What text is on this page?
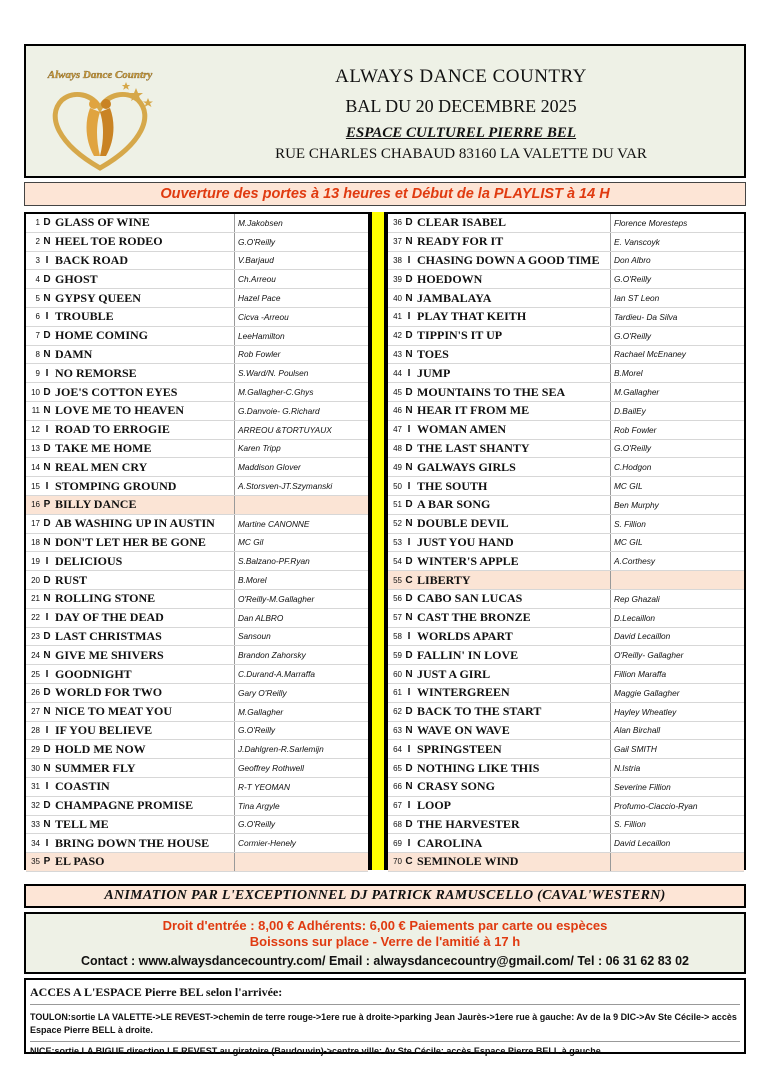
Always Dance Country	ALWAYS DANCE COUNTRY
BAL DU 20 DECEMBRE 2025
ESPACE CULTUREL PIERRE BEL
RUE CHARLES CHABAUD 83160 LA VALETTE DU VAR
Ouverture des portes à 13 heures et Début de la PLAYLIST à 14 H
1 D GLASS OF WINE	M.Jakobsen
2 N HEEL TOE RODEO	G.O'Reilly
3 I BACK ROAD	V.Barjaud
4 D GHOST	Ch.Arreou
5 N GYPSY QUEEN	Hazel Pace
6 I TROUBLE	Cicva -Arreou
7 D HOME COMING	LeeHamilton
8 N DAMN	Rob Fowler
9 I NO REMORSE	S.Ward/N. Poulsen
10 D JOE'S COTTON EYES	M.Gallagher-C.Ghys
11 N LOVE ME TO HEAVEN	G.Danvoie- G.Richard
12 I ROAD TO ERROGIE	ARREOU &TORTUYAUX
13 D TAKE ME HOME	Karen Tripp
14 N REAL MEN CRY	Maddison Glover
15 I STOMPING GROUND	A.Storsven-JT.Szymanski
16 P BILLY DANCE
17 D AB WASHING UP IN AUSTIN	Martine CANONNE
18 N DON'T LET HER BE GONE	MC Gil
19 I DELICIOUS	S.Balzano-PF.Ryan
20 D RUST	B.Morel
21 N ROLLING STONE	O'Reilly-M.Gallagher
22 I DAY OF THE DEAD	Dan ALBRO
23 D LAST CHRISTMAS	Sansoun
24 N GIVE ME SHIVERS	Brandon Zahorsky
25 I GOODNIGHT	C.Durand-A.Marraffa
26 D WORLD FOR TWO	Gary O'Reilly
27 N NICE TO MEAT YOU	M.Gallagher
28 I IF YOU BELIEVE	G.O'Reilly
29 D HOLD ME NOW	J.Dahlgren-R.Sarlemijn
30 N SUMMER FLY	Geoffrey Rothwell
31 I COASTIN	R-T YEOMAN
32 D CHAMPAGNE PROMISE	Tina Argyle
33 N TELL ME	G.O'Reilly
34 I BRING DOWN THE HOUSE	Cormier-Henely
35 P EL PASO
36 D CLEAR ISABEL	Florence Moresteps
37 N READY FOR IT	E. Vanscoyk
38 I CHASING DOWN A GOOD TIME	Don Albro
39 D HOEDOWN	G.O'Reilly
40 N JAMBALAYA	Ian ST Leon
41 I PLAY THAT KEITH	Tardieu- Da Silva
42 D TIPPIN'S IT UP	G.O'Reilly
43 N TOES	Rachael McEnaney
44 I JUMP	B.Morel
45 D MOUNTAINS TO THE SEA	M.Gallagher
46 N HEAR IT FROM ME	D.BailEy
47 I WOMAN AMEN	Rob Fowler
48 D THE LAST SHANTY	G.O'Reilly
49 N GALWAYS GIRLS	C.Hodgon
50 I THE SOUTH	MC GIL
51 D A BAR SONG	Ben Murphy
52 N DOUBLE DEVIL	S. Fillion
53 I JUST YOU HAND	MC GIL
54 D WINTER'S APPLE	A.Corthesy
55 C LIBERTY
56 D CABO SAN LUCAS	Rep Ghazali
57 N CAST THE BRONZE	D.Lecaillon
58 I WORLDS APART	David Lecaillon
59 D FALLIN' IN LOVE	O'Reilly- Gallagher
60 N JUST A GIRL	Fillion Maraffa
61 I WINTERGREEN	Maggie Gallagher
62 D BACK TO THE START	Hayley Wheatley
63 N WAVE ON WAVE	Alan Birchall
64 I SPRINGSTEEN	Gail SMITH
65 D NOTHING LIKE THIS	N.Istria
66 N CRASY SONG	Severine Fillion
67 I LOOP	Profumo-Ciaccio-Ryan
68 D THE HARVESTER	S. Fillion
69 I CAROLINA	David Lecaillon
70 C SEMINOLE WIND
ANIMATION PAR L'EXCEPTIONNEL DJ PATRICK RAMUSCELLO (CAVAL'WESTERN)
Droit d'entrée : 8,00 € Adhérents: 6,00 € Paiements par carte ou espèces
Boissons sur place - Verre de l'amitié à 17 h
Contact : www.alwaysdancecountry.com/ Email : alwaysdancecountry@gmail.com/ Tel : 06 31 62 83 02
ACCES A L'ESPACE Pierre BEL selon l'arrivée:
TOULON:sortie LA VALETTE->LE REVEST->chemin de terre rouge->1ere rue à droite->parking Jean Jaurès->1ere rue à gauche: Av de la 9 DIC->Av Ste Cécile-> accès Espace Pierre BELL à droite.
NICE:sortie LA BIGUE direction LE REVEST au giratoire (Baudouvin)->centre ville: Av Ste Cécile: accès Espace Pierre BELL à gauche
